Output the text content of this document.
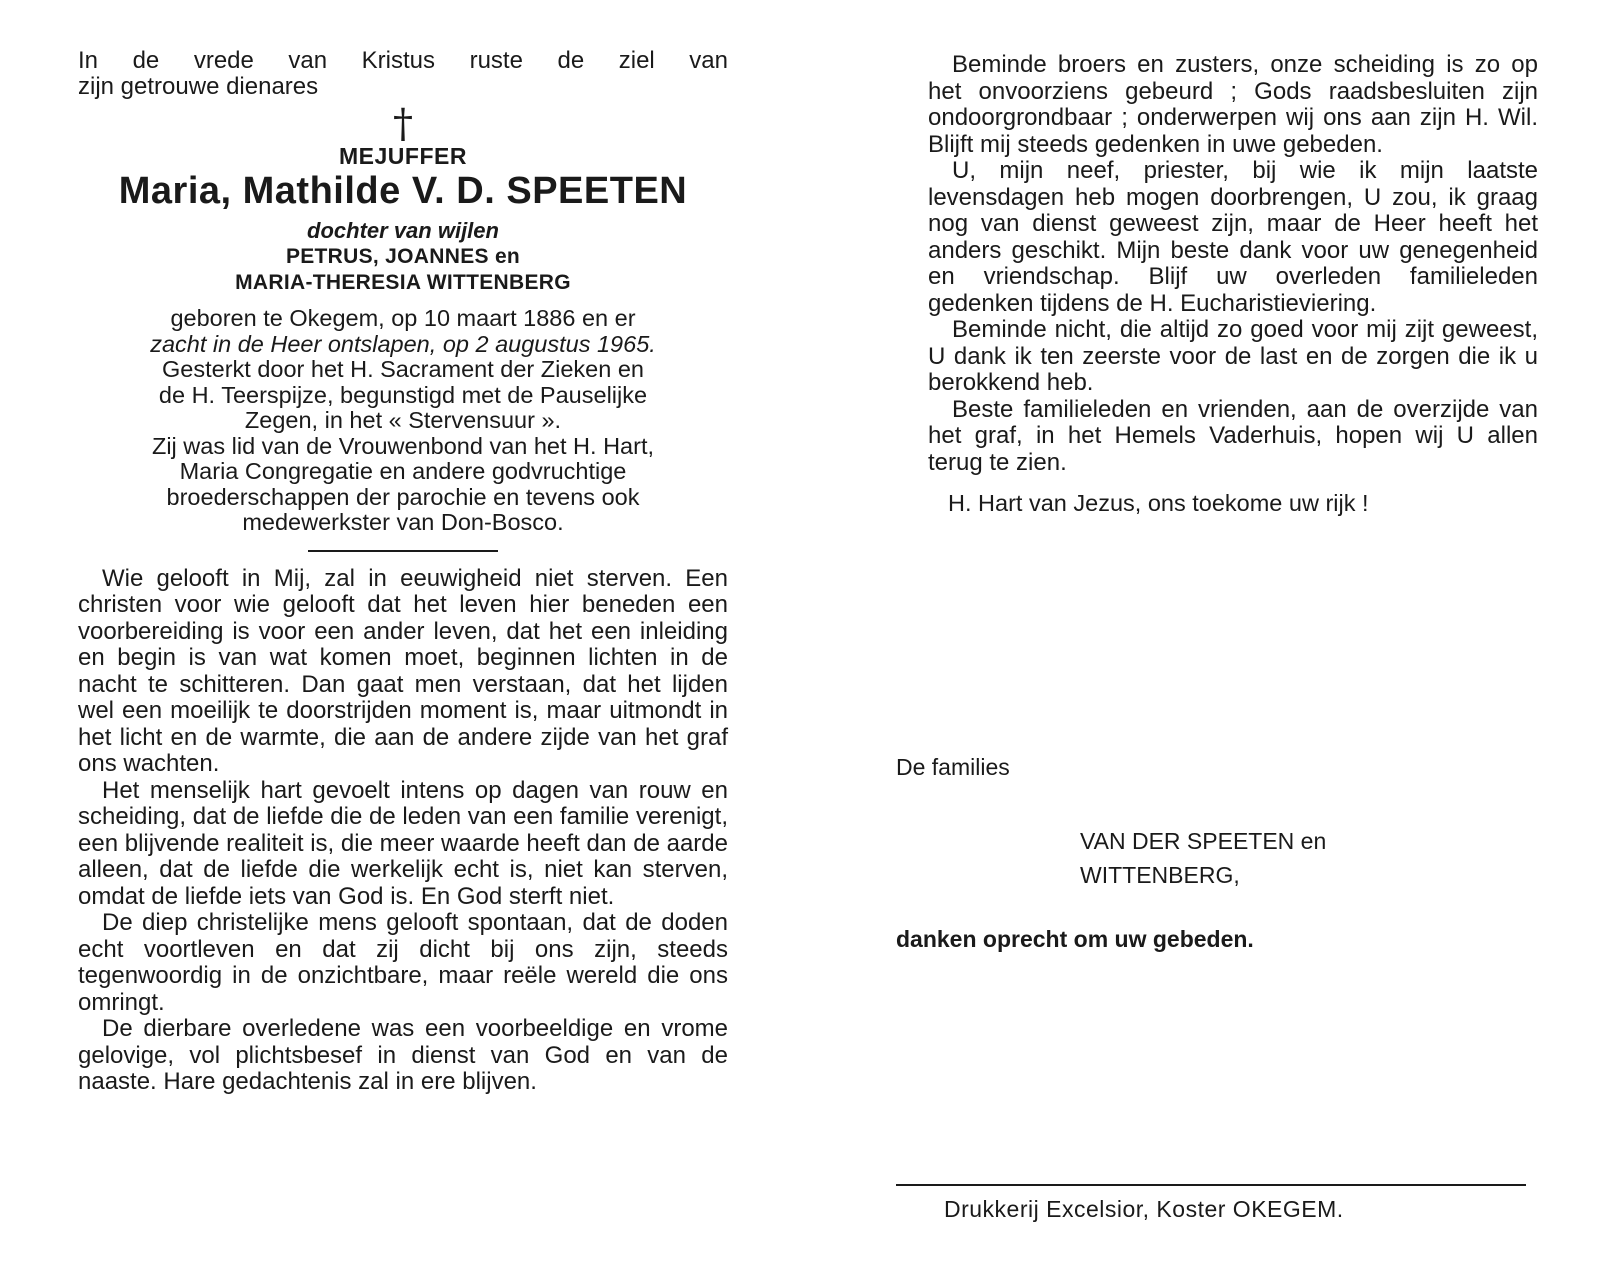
In de vrede van Kristus ruste de ziel van

zijn getrouwe dienares

†
MEJUFFER
Maria, Mathilde V. D. SPEETEN
dochter van wijlen
PETRUS, JOANNES en
MARIA-THERESIA WITTENBERG
geboren te Okegem, op 10 maart 1886 en er
zacht in de Heer ontslapen, op 2 augustus 1965.
Gesterkt door het H. Sacrament der Zieken en
de H. Teerspijze, begunstigd met de Pauselijke
Zegen, in het « Stervensuur ».
Zij was lid van de Vrouwenbond van het H. Hart,
Maria Congregatie en andere godvruchtige
broederschappen der parochie en tevens ook
medewerkster van Don-Bosco.

Wie gelooft in Mij, zal in eeuwigheid niet sterven. Een christen voor wie gelooft dat het leven hier beneden een voorbereiding is voor een ander leven, dat het een inleiding en begin is van wat komen moet, beginnen lichten in de nacht te schitteren. Dan gaat men verstaan, dat het lijden wel een moeilijk te doorstrijden moment is, maar uitmondt in het licht en de warmte, die aan de andere zijde van het graf ons wachten.

Het menselijk hart gevoelt intens op dagen van rouw en scheiding, dat de liefde die de leden van een familie verenigt, een blijvende realiteit is, die meer waarde heeft dan de aarde alleen, dat de liefde die werkelijk echt is, niet kan sterven, omdat de liefde iets van God is. En God sterft niet.

De diep christelijke mens gelooft spontaan, dat de doden echt voortleven en dat zij dicht bij ons zijn, steeds tegenwoordig in de onzichtbare, maar reële wereld die ons omringt.

De dierbare overledene was een voorbeeldige en vrome gelovige, vol plichtsbesef in dienst van God en van de naaste. Hare gedachtenis zal in ere blijven.

Beminde broers en zusters, onze scheiding is zo op het onvoorziens gebeurd ; Gods raadsbesluiten zijn ondoorgrondbaar ; onderwerpen wij ons aan zijn H. Wil. Blijft mij steeds gedenken in uwe gebeden.

U, mijn neef, priester, bij wie ik mijn laatste levensdagen heb mogen doorbrengen, U zou, ik graag nog van dienst geweest zijn, maar de Heer heeft het anders geschikt. Mijn beste dank voor uw genegenheid en vriendschap. Blijf uw overleden familieleden gedenken tijdens de H. Eucharistieviering.

Beminde nicht, die altijd zo goed voor mij zijt geweest, U dank ik ten zeerste voor de last en de zorgen die ik u berokkend heb.

Beste familieleden en vrienden, aan de overzijde van het graf, in het Hemels Vaderhuis, hopen wij U allen terug te zien.

H. Hart van Jezus, ons toekome uw rijk !
De families
VAN DER SPEETEN en
WITTENBERG,
danken oprecht om uw gebeden.
Drukkerij Excelsior, Koster OKEGEM.
